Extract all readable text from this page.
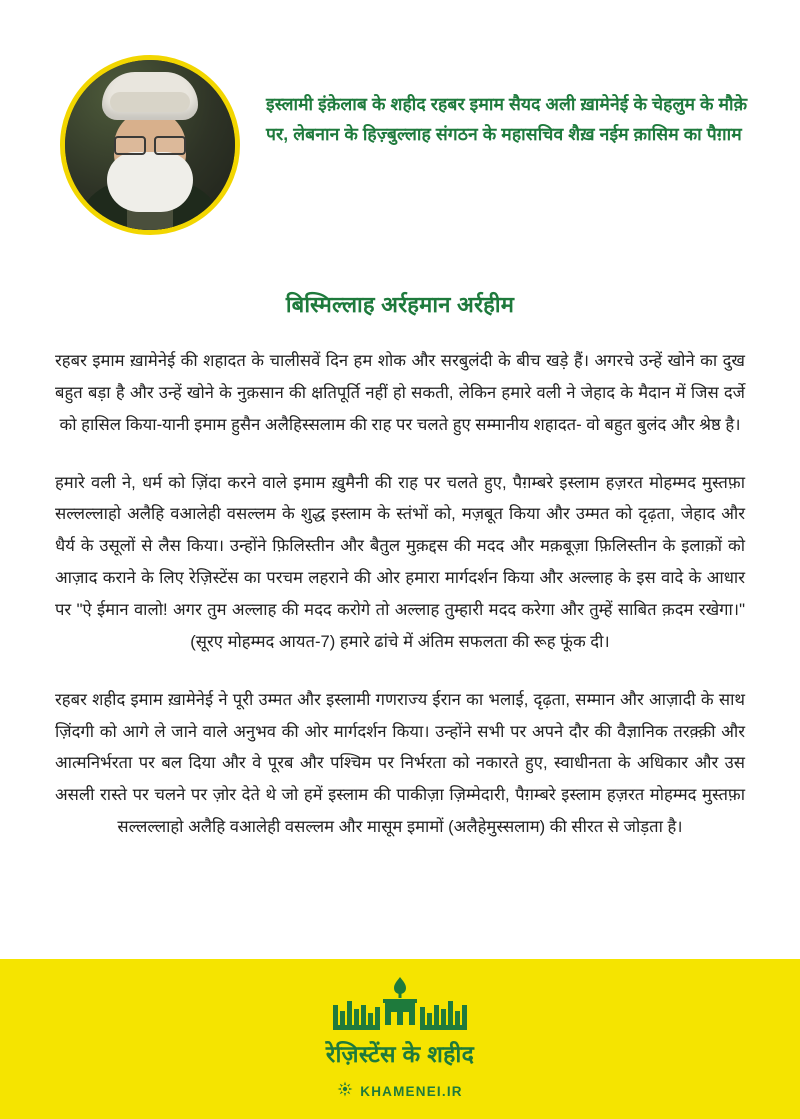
इस्लामी इंक़ेलाब के शहीद रहबर इमाम सैयद अली ख़ामेनेई के चेहलुम के मौक़े पर, लेबनान के हिज़्बुल्लाह संगठन के महासचिव शैख़ नईम क़ासिम का पैग़ाम
बिस्मिल्लाह अर्रहमान अर्रहीम

रहबर इमाम ख़ामेनेई की शहादत के चालीसवें दिन हम शोक और सरबुलंदी के बीच खड़े हैं। अगरचे उन्हें खोने का दुख बहुत बड़ा है और उन्हें खोने के नुक़सान की क्षतिपूर्ति नहीं हो सकती, लेकिन हमारे वली ने जेहाद के मैदान में जिस दर्जे को हासिल किया-यानी इमाम हुसैन अलैहिस्सलाम की राह पर चलते हुए सम्मानीय शहादत- वो बहुत बुलंद और श्रेष्ठ है।

हमारे वली ने, धर्म को ज़िंदा करने वाले इमाम ख़ुमैनी की राह पर चलते हुए, पैग़म्बरे इस्लाम हज़रत मोहम्मद मुस्तफ़ा सल्लल्लाहो अलैहि वआलेही वसल्लम के शुद्ध इस्लाम के स्तंभों को, मज़बूत किया और उम्मत को दृढ़ता, जेहाद और धैर्य के उसूलों से लैस किया। उन्होंने फ़िलिस्तीन और बैतुल मुक़द्दस की मदद और मक़बूज़ा फ़िलिस्तीन के इलाक़ों को आज़ाद कराने के लिए रेज़िस्टेंस का परचम लहराने की ओर हमारा मार्गदर्शन किया और अल्लाह के इस वादे के आधार पर "ऐ ईमान वालो! अगर तुम अल्लाह की मदद करोगे तो अल्लाह तुम्हारी मदद करेगा और तुम्हें साबित क़दम रखेगा।" (सूरए मोहम्मद आयत-7) हमारे ढांचे में अंतिम सफलता की रूह फूंक दी।

रहबर शहीद इमाम ख़ामेनेई ने पूरी उम्मत और इस्लामी गणराज्य ईरान का भलाई, दृढ़ता, सम्मान और आज़ादी के साथ ज़िंदगी को आगे ले जाने वाले अनुभव की ओर मार्गदर्शन किया। उन्होंने सभी पर अपने दौर की वैज्ञानिक तरक़्क़ी और आत्मनिर्भरता पर बल दिया और वे पूरब और पश्चिम पर निर्भरता को नकारते हुए, स्वाधीनता के अधिकार और उस असली रास्ते पर चलने पर ज़ोर देते थे जो हमें इस्लाम की पाकीज़ा ज़िम्मेदारी, पैग़म्बरे इस्लाम हज़रत मोहम्मद मुस्तफ़ा सल्लल्लाहो अलैहि वआलेही वसल्लम और मासूम इमामों (अलैहेमुस्सलाम) की सीरत से जोड़ता है।

रेज़िस्टेंस के शहीद
KHAMENEI.IR
